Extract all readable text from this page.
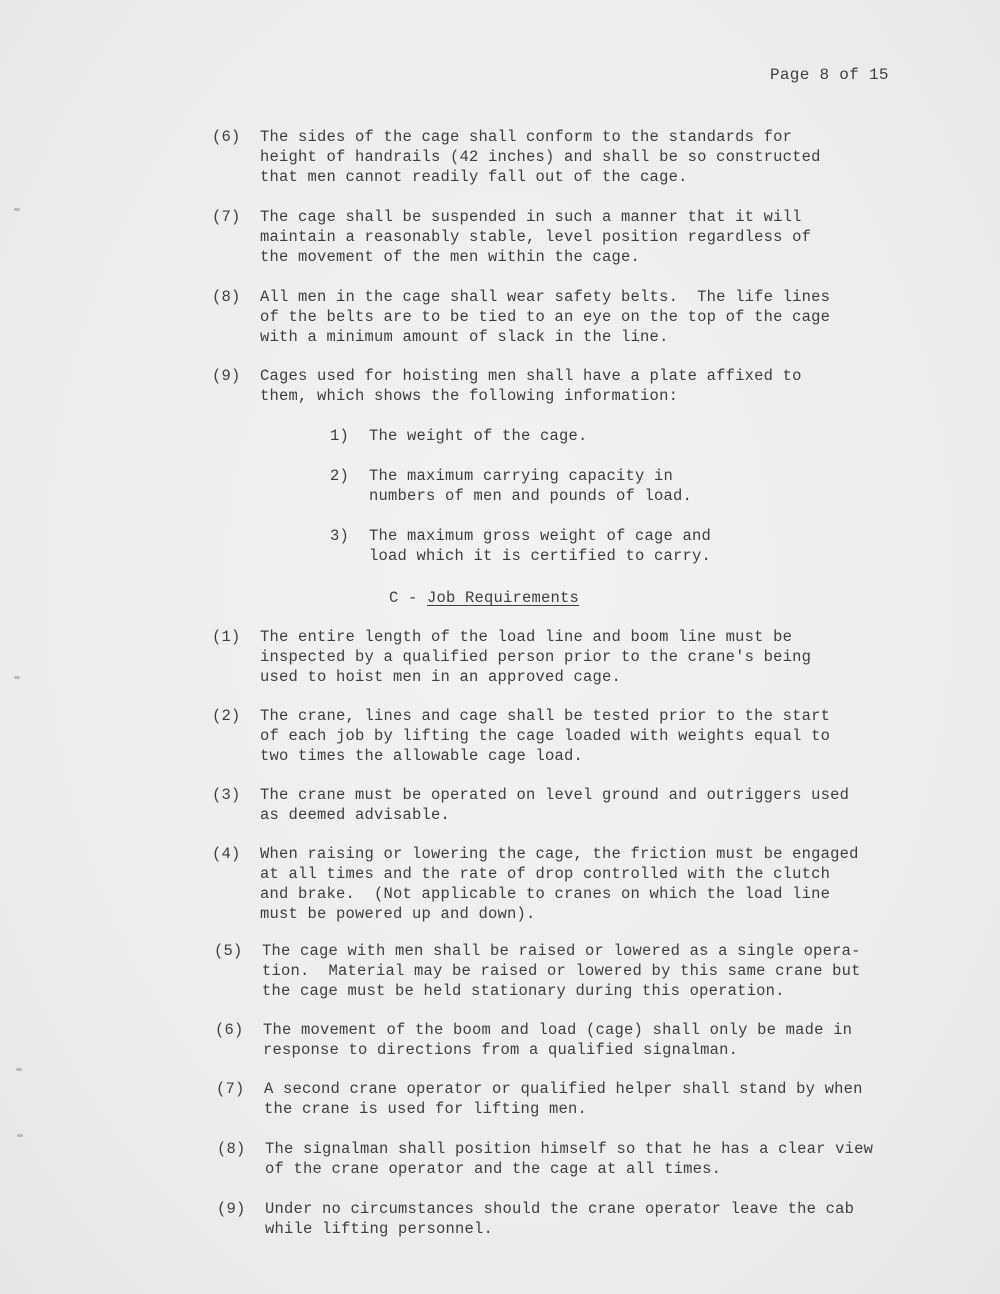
Page 8 of 15
(6) The sides of the cage shall conform to the standards for
height of handrails (42 inches) and shall be so constructed
that men cannot readily fall out of the cage.
(7) The cage shall be suspended in such a manner that it will
maintain a reasonably stable, level position regardless of
the movement of the men within the cage.
(8) All men in the cage shall wear safety belts.  The life lines
of the belts are to be tied to an eye on the top of the cage
with a minimum amount of slack in the line.
(9) Cages used for hoisting men shall have a plate affixed to
them, which shows the following information:
1) The weight of the cage.
2) The maximum carrying capacity in
numbers of men and pounds of load.
3) The maximum gross weight of cage and
load which it is certified to carry.
C - Job Requirements
(1) The entire length of the load line and boom line must be
inspected by a qualified person prior to the crane's being
used to hoist men in an approved cage.
(2) The crane, lines and cage shall be tested prior to the start
of each job by lifting the cage loaded with weights equal to
two times the allowable cage load.
(3) The crane must be operated on level ground and outriggers used
as deemed advisable.
(4) When raising or lowering the cage, the friction must be engaged
at all times and the rate of drop controlled with the clutch
and brake.  (Not applicable to cranes on which the load line
must be powered up and down).
(5) The cage with men shall be raised or lowered as a single opera-
tion.  Material may be raised or lowered by this same crane but
the cage must be held stationary during this operation.
(6) The movement of the boom and load (cage) shall only be made in
response to directions from a qualified signalman.
(7) A second crane operator or qualified helper shall stand by when
the crane is used for lifting men.
(8) The signalman shall position himself so that he has a clear view
of the crane operator and the cage at all times.
(9) Under no circumstances should the crane operator leave the cab
while lifting personnel.
